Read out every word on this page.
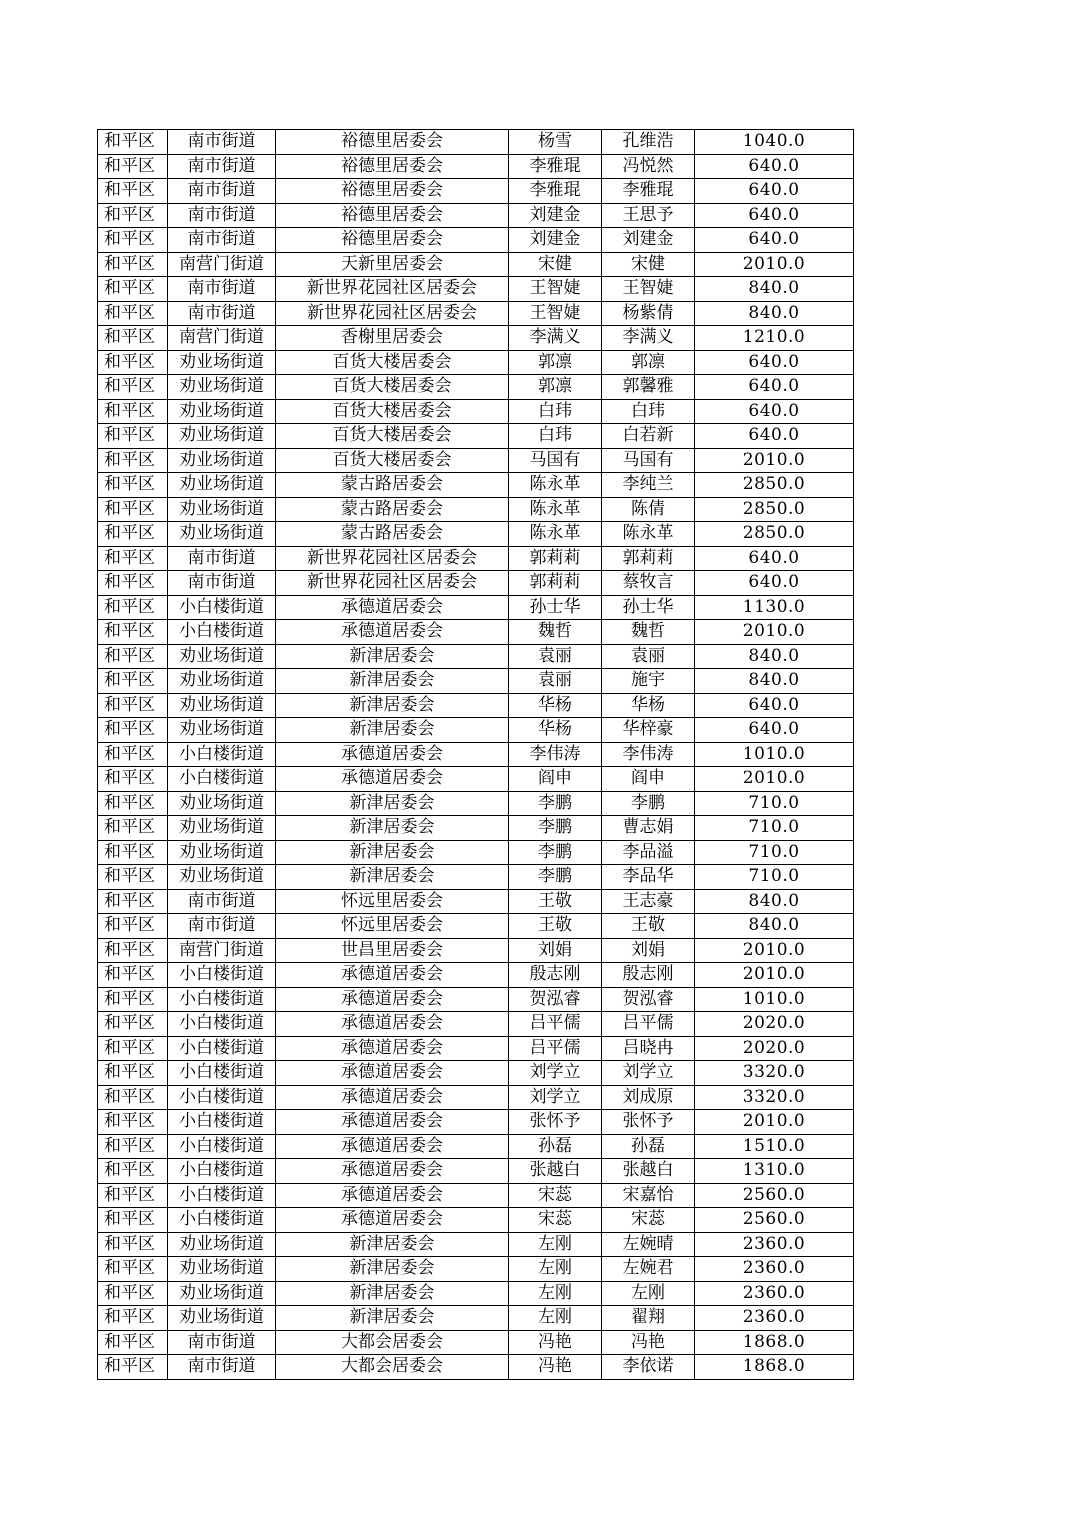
和平区	南市街道	裕德里居委会	杨雪	孔维浩	1040.0
和平区	南市街道	裕德里居委会	李雅琨	冯悦然	640.0
和平区	南市街道	裕德里居委会	李雅琨	李雅琨	640.0
和平区	南市街道	裕德里居委会	刘建金	王思予	640.0
和平区	南市街道	裕德里居委会	刘建金	刘建金	640.0
和平区	南营门街道	天新里居委会	宋健	宋健	2010.0
和平区	南市街道	新世界花园社区居委会	王智婕	王智婕	840.0
和平区	南市街道	新世界花园社区居委会	王智婕	杨紫倩	840.0
和平区	南营门街道	香榭里居委会	李满义	李满义	1210.0
和平区	劝业场街道	百货大楼居委会	郭凛	郭凛	640.0
和平区	劝业场街道	百货大楼居委会	郭凛	郭馨雅	640.0
和平区	劝业场街道	百货大楼居委会	白玮	白玮	640.0
和平区	劝业场街道	百货大楼居委会	白玮	白若新	640.0
和平区	劝业场街道	百货大楼居委会	马国有	马国有	2010.0
和平区	劝业场街道	蒙古路居委会	陈永革	李纯兰	2850.0
和平区	劝业场街道	蒙古路居委会	陈永革	陈倩	2850.0
和平区	劝业场街道	蒙古路居委会	陈永革	陈永革	2850.0
和平区	南市街道	新世界花园社区居委会	郭莉莉	郭莉莉	640.0
和平区	南市街道	新世界花园社区居委会	郭莉莉	蔡牧言	640.0
和平区	小白楼街道	承德道居委会	孙士华	孙士华	1130.0
和平区	小白楼街道	承德道居委会	魏哲	魏哲	2010.0
和平区	劝业场街道	新津居委会	袁丽	袁丽	840.0
和平区	劝业场街道	新津居委会	袁丽	施宇	840.0
和平区	劝业场街道	新津居委会	华杨	华杨	640.0
和平区	劝业场街道	新津居委会	华杨	华梓豪	640.0
和平区	小白楼街道	承德道居委会	李伟涛	李伟涛	1010.0
和平区	小白楼街道	承德道居委会	阎申	阎申	2010.0
和平区	劝业场街道	新津居委会	李鹏	李鹏	710.0
和平区	劝业场街道	新津居委会	李鹏	曹志娟	710.0
和平区	劝业场街道	新津居委会	李鹏	李品溢	710.0
和平区	劝业场街道	新津居委会	李鹏	李品华	710.0
和平区	南市街道	怀远里居委会	王敬	王志豪	840.0
和平区	南市街道	怀远里居委会	王敬	王敬	840.0
和平区	南营门街道	世昌里居委会	刘娟	刘娟	2010.0
和平区	小白楼街道	承德道居委会	殷志刚	殷志刚	2010.0
和平区	小白楼街道	承德道居委会	贺泓睿	贺泓睿	1010.0
和平区	小白楼街道	承德道居委会	吕平儒	吕平儒	2020.0
和平区	小白楼街道	承德道居委会	吕平儒	吕晓冉	2020.0
和平区	小白楼街道	承德道居委会	刘学立	刘学立	3320.0
和平区	小白楼街道	承德道居委会	刘学立	刘成原	3320.0
和平区	小白楼街道	承德道居委会	张怀予	张怀予	2010.0
和平区	小白楼街道	承德道居委会	孙磊	孙磊	1510.0
和平区	小白楼街道	承德道居委会	张越白	张越白	1310.0
和平区	小白楼街道	承德道居委会	宋蕊	宋嘉怡	2560.0
和平区	小白楼街道	承德道居委会	宋蕊	宋蕊	2560.0
和平区	劝业场街道	新津居委会	左刚	左婉晴	2360.0
和平区	劝业场街道	新津居委会	左刚	左婉君	2360.0
和平区	劝业场街道	新津居委会	左刚	左刚	2360.0
和平区	劝业场街道	新津居委会	左刚	翟翔	2360.0
和平区	南市街道	大都会居委会	冯艳	冯艳	1868.0
和平区	南市街道	大都会居委会	冯艳	李依诺	1868.0
